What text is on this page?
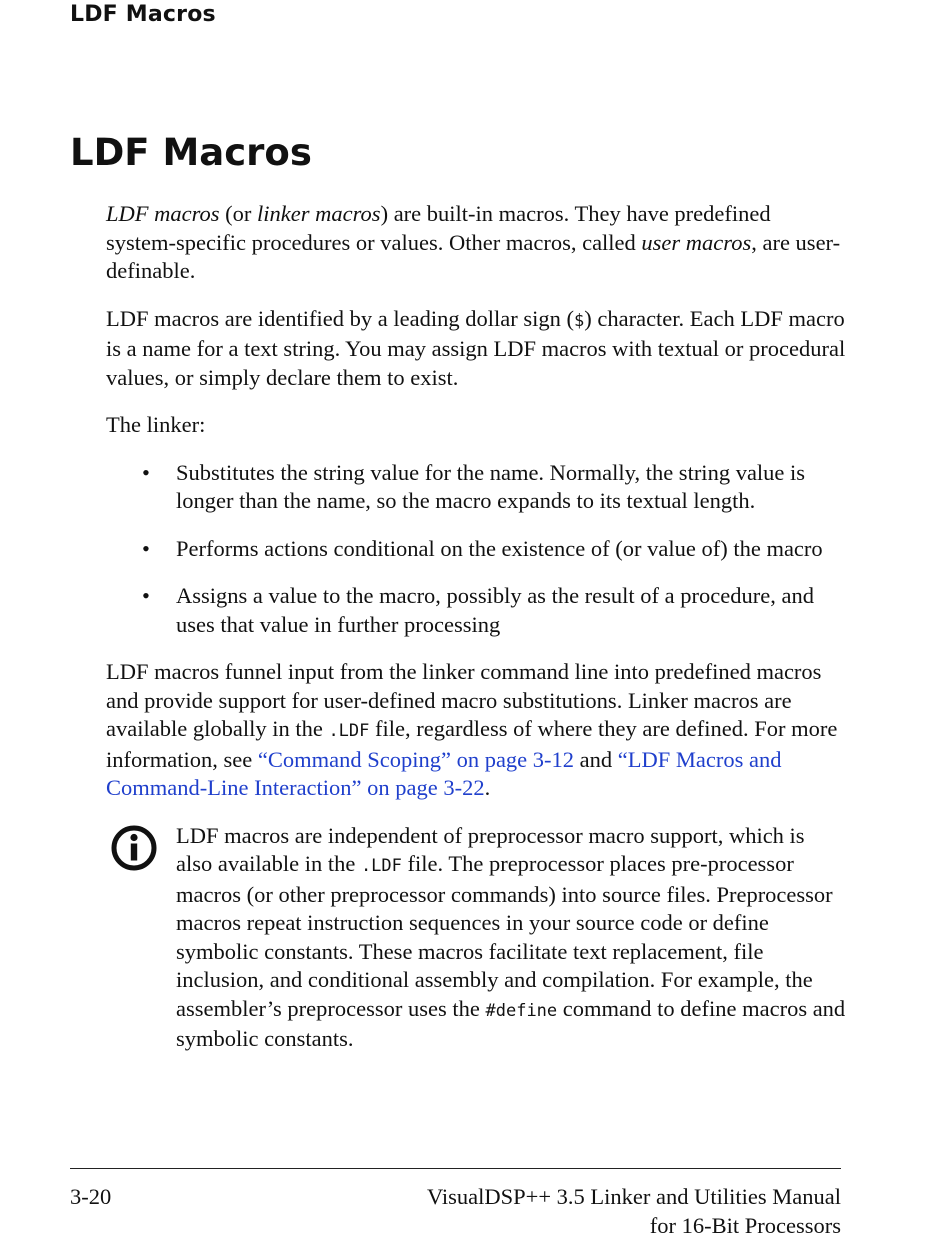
LDF Macros
LDF Macros

LDF macros (or linker macros) are built-in macros. They have predefined system-specific procedures or values. Other macros, called user macros, are user-definable.

LDF macros are identified by a leading dollar sign ($) character. Each LDF macro is a name for a text string. You may assign LDF macros with textual or procedural values, or simply declare them to exist.

The linker:

• Substitutes the string value for the name. Normally, the string value is longer than the name, so the macro expands to its textual length.
• Performs actions conditional on the existence of (or value of) the macro
• Assigns a value to the macro, possibly as the result of a procedure, and uses that value in further processing

LDF macros funnel input from the linker command line into predefined macros and provide support for user-defined macro substitutions. Linker macros are available globally in the .LDF file, regardless of where they are defined. For more information, see “Command Scoping” on page 3-12 and “LDF Macros and Command-Line Interaction” on page 3-22.

LDF macros are independent of preprocessor macro support, which is also available in the .LDF file. The preprocessor places pre-processor macros (or other preprocessor commands) into source files. Preprocessor macros repeat instruction sequences in your source code or define symbolic constants. These macros facilitate text replacement, file inclusion, and conditional assembly and compilation. For example, the assembler’s preprocessor uses the #define command to define macros and symbolic constants.

3-20	VisualDSP++ 3.5 Linker and Utilities Manual
for 16-Bit Processors
